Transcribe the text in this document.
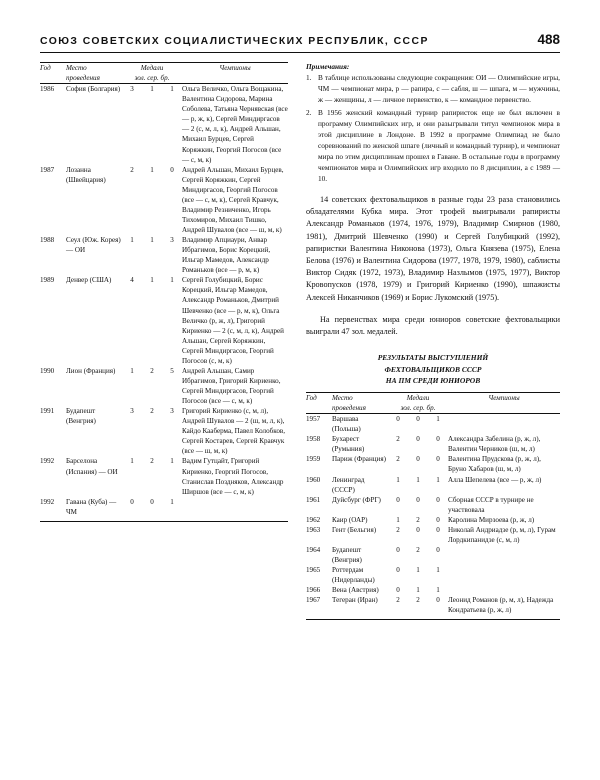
СОЮЗ СОВЕТСКИХ СОЦИАЛИСТИЧЕСКИХ РЕСПУБЛИК, СССР	488
Год	Место
проведения	Медали
зол. сер. бр.			Чемпионы
1986	София (Болгария)	3	1	1	Ольга Величко, Ольга Вощакина, Валентина Сидорова, Марина Соболева, Татьяна Чернявская (все — р, ж, к), Сергей Миндиргасов — 2 (с, м, л, к), Андрей Альшан, Михаил Бурцев, Сергей Коряжкин, Георгий Погосов (все — с, м, к)
1987	Лозанна (Швейцария)	2	1	0	Андрей Альшан, Михаил Бурцев, Сергей Коряжкин, Сергей Миндиргасов, Георгий Погосов (все — с, м, к), Сергей Кравчук, Владимир Резниченко, Игорь Тихомиров, Михаил Тишко, Андрей Шувалов (все — ш, м, к)
1988	Сеул (Юж. Корея) — ОИ	1	1	3	Владимир Апциаури, Анвар Ибрагимов, Борис Корецкий, Ильгар Мамедов, Александр Романьков (все — р, м, к)
1989	Денвер (США)	4	1	1	Сергей Голубицкий, Борис Корецкий, Ильгар Мамедов, Александр Романьков, Дмитрий Шевченко (все — р, м, к), Ольга Величко (р, ж, л), Григорий Кириенко — 2 (с, м, л, к), Андрей Альшан, Сергей Коряжкин, Сергей Миндиргасов, Георгий Погосов (с, м, к)
1990	Лион (Франция)	1	2	5	Андрей Альшан, Самир Ибрагимов, Григорий Кириенко, Сергей Миндиргасов, Георгий Погосов (все — с, м, к)
1991	Будапешт (Венгрия)	3	2	3	Григорий Кириенко (с, м, л), Андрей Шувалов — 2 (ш, м, л, к), Кайдо Кааберма, Павел Колобков, Сергей Костарев, Сергей Кравчук (все — ш, м, к)
1992	Барселона (Испания) — ОИ	1	2	1	Вадим Гутцайт, Григорий Кириенко, Георгий Погосов, Станислав Поздняков, Александр Ширшов (все — с, м, к)
1992	Гавана (Куба) — ЧМ	0	0	1	

Примечания:
1. В таблице использованы следующие сокращения: ОИ — Олимпийские игры, ЧМ — чемпионат мира, р — рапира, с — сабля, ш — шпага, м — мужчины, ж — женщины, л — личное первенство, к — командное первенство.
2. В 1956 женский командный турнир рапиристок еще не был включен в программу Олимпийских игр, и они разыгрывали титул чемпионок мира в этой дисциплине в Лондоне. В 1992 в программе Олимпиад не было соревнований по женской шпаге (личный и командный турнир), и чемпионат мира по этим дисциплинам прошел в Гаване. В остальные годы в программу чемпионатов мира и Олимпийских игр входило по 8 дисциплин, а с 1989 — 10.

14 советских фехтовальщиков в разные годы 23 раза становились обладателями Кубка мира. Этот трофей выигрывали рапиристы Александр Романьков (1974, 1976, 1979), Владимир Смирнов (1980, 1981), Дмитрий Шевченко (1990) и Сергей Голубицкий (1992), рапиристки Валентина Никонова (1973), Ольга Князева (1975), Елена Белова (1976) и Валентина Сидорова (1977, 1978, 1979, 1980), саблисты Виктор Сидяк (1972, 1973), Владимир Назлымов (1975, 1977), Виктор Кровопусков (1978, 1979) и Григорий Кириенко (1990), шпажисты Алексей Никанчиков (1969) и Борис Лукомский (1975).

На первенствах мира среди юниоров советские фехтовальщики выиграли 47 зол. медалей.

РЕЗУЛЬТАТЫ ВЫСТУПЛЕНИЙ
ФЕХТОВАЛЬЩИКОВ СССР
НА ПМ СРЕДИ ЮНИОРОВ
Год	Место
проведения	Медали
зол. сер. бр.			Чемпионы
1957	Варшава (Польша)	0	0	1	
1958	Бухарест (Румыния)	2	0	0	Александра Забелина (р, ж, л), Валентин Черников (ш, м, л)
1959	Париж (Франция)	2	0	0	Валентина Прудскова (р, ж, л), Бруно Хабаров (ш, м, л)
1960	Ленинград (СССР)	1	1	1	Алла Шепелева (все — р, ж, л)
1961	Дуйсбург (ФРГ)	0	0	0	Сборная СССР в турнире не участвовала
1962	Каир (ОАР)	1	2	0	Каролина Мирзоева (р, ж, л)
1963	Гент (Бельгия)	2	0	0	Николай Андриадзе (р, м, л), Гурам Лордкипанидзе (с, м, л)
1964	Будапешт (Венгрия)	0	2	0	
1965	Роттердам (Нидерланды)	0	1	1	
1966	Вена (Австрия)	0	1	1	
1967	Тегеран (Иран)	2	2	0	Леонид Романов (р, м, л), Надежда Кондратьева (р, ж, л)
